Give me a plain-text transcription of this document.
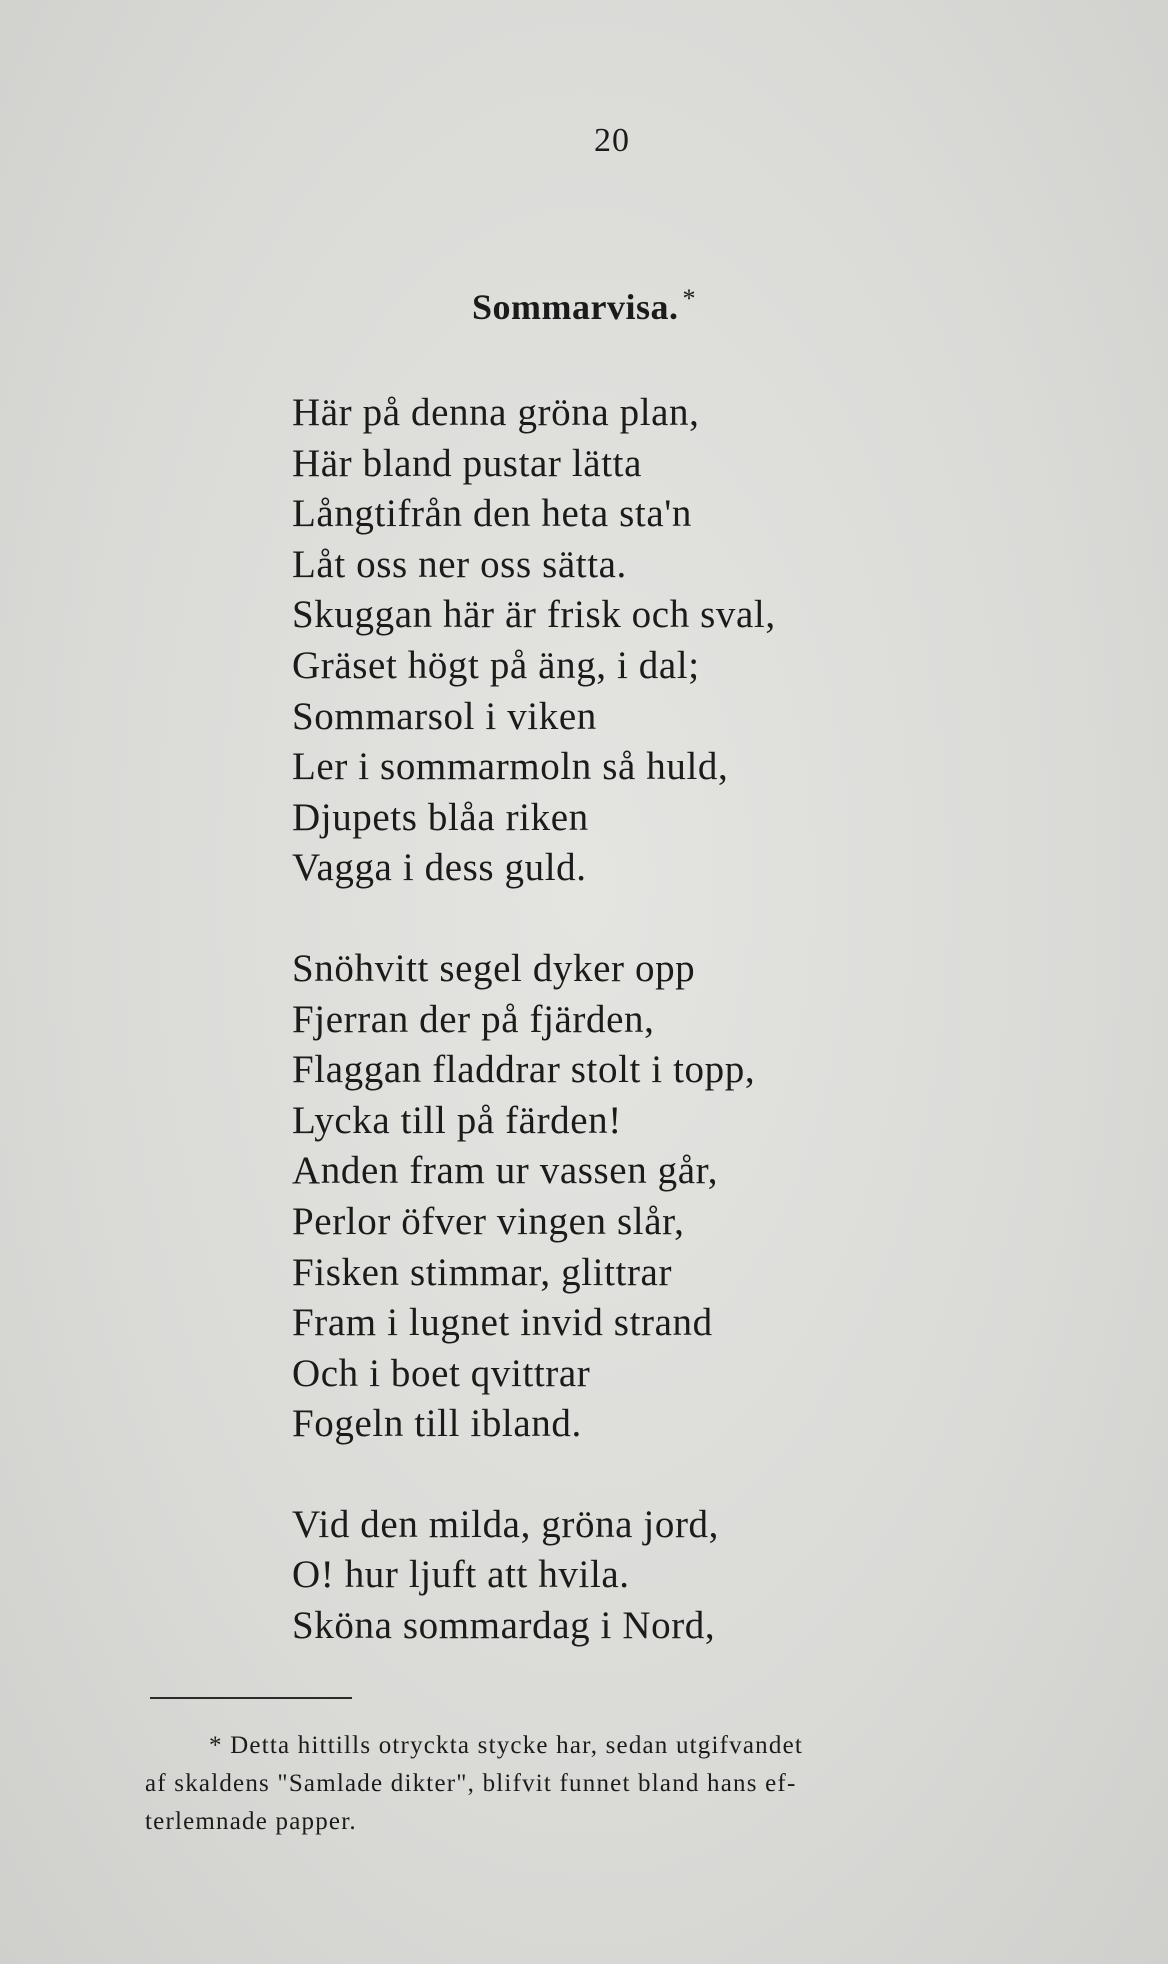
20
Sommarvisa. *
Här på denna gröna plan,
Här bland pustar lätta
Långtifrån den heta sta'n
Låt oss ner oss sätta.
Skuggan här är frisk och sval,
Gräset högt på äng, i dal;
Sommarsol i viken
Ler i sommarmoln så huld,
Djupets blåa riken
Vagga i dess guld.
Snöhvitt segel dyker opp
Fjerran der på fjärden,
Flaggan fladdrar stolt i topp,
Lycka till på färden!
Anden fram ur vassen går,
Perlor öfver vingen slår,
Fisken stimmar, glittrar
Fram i lugnet invid strand
Och i boet qvittrar
Fogeln till ibland.
Vid den milda, gröna jord,
O! hur ljuft att hvila.
Sköna sommardag i Nord,
* Detta hittills otryckta stycke har, sedan utgifvandet
af skaldens "Samlade dikter", blifvit funnet bland hans ef-
terlemnade papper.
